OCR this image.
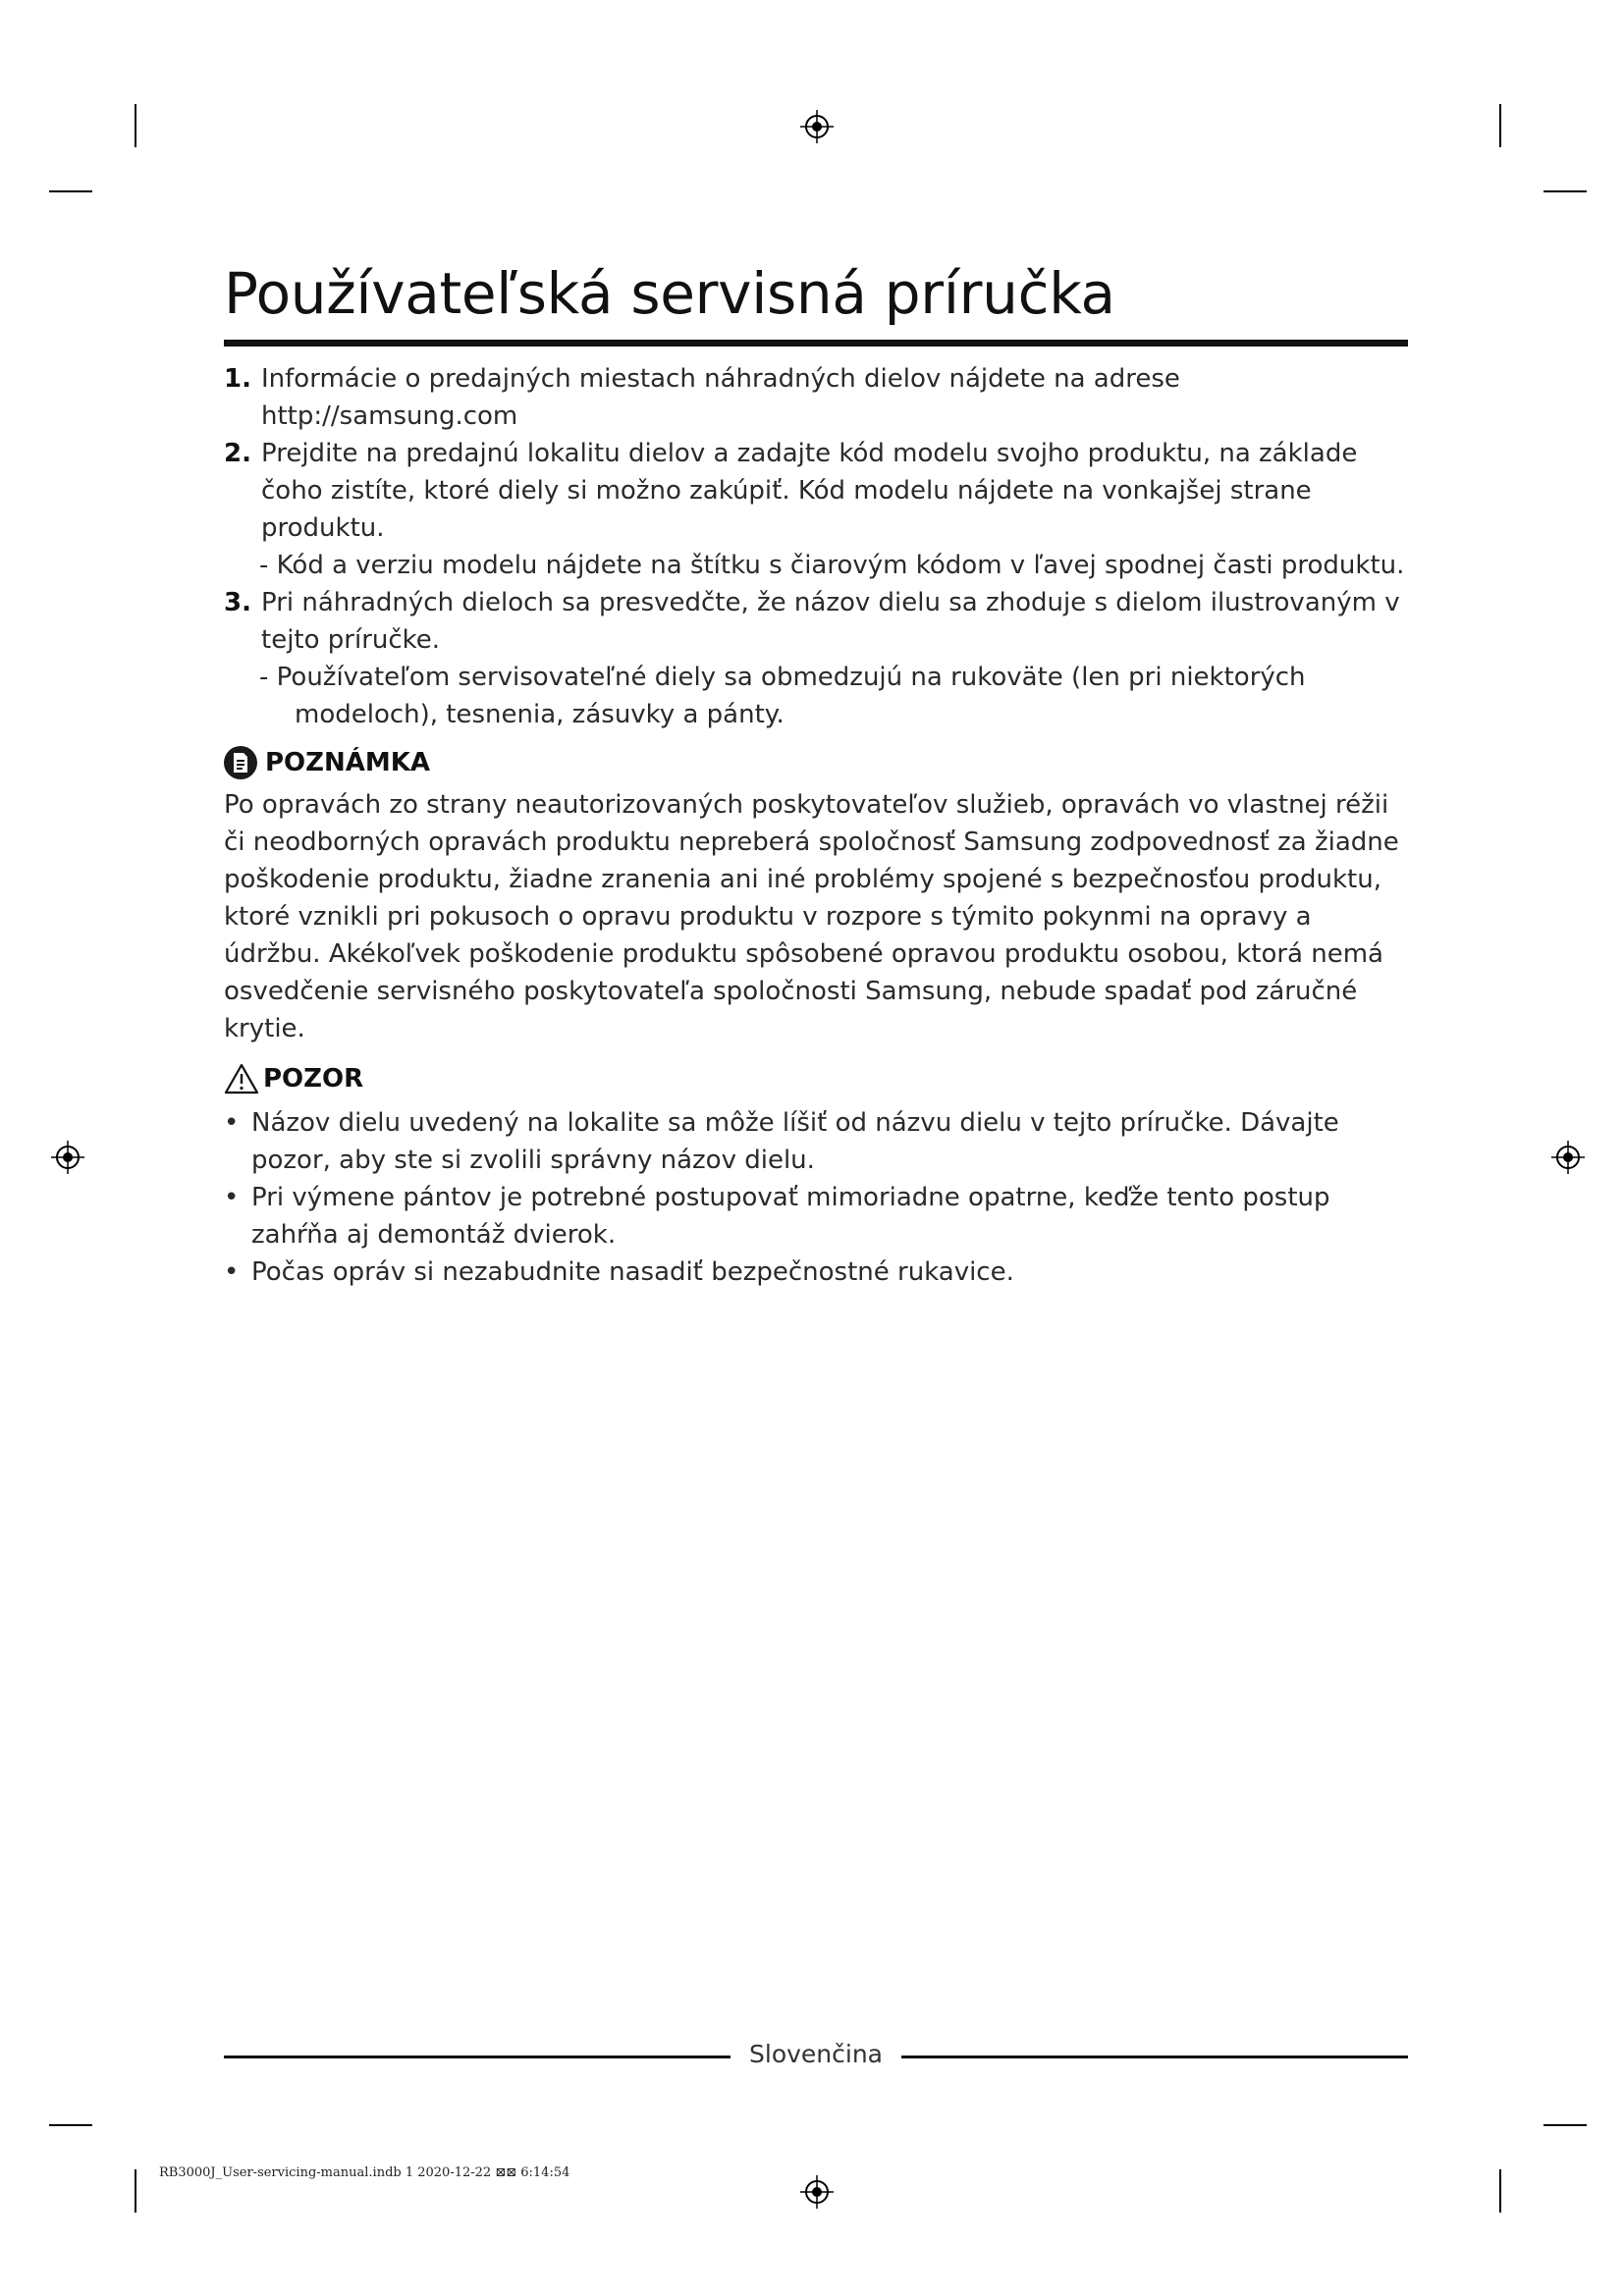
Používateľská servisná príručka
1. Informácie o predajných miestach náhradných dielov nájdete na adrese http://samsung.com
2. Prejdite na predajnú lokalitu dielov a zadajte kód modelu svojho produktu, na základe čoho zistíte, ktoré diely si možno zakúpiť. Kód modelu nájdete na vonkajšej strane produktu.
- Kód a verziu modelu nájdete na štítku s čiarovým kódom v ľavej spodnej časti produktu.
3. Pri náhradných dieloch sa presvedčte, že názov dielu sa zhoduje s dielom ilustrovaným v tejto príručke.
- Používateľom servisovateľné diely sa obmedzujú na rukoväte (len pri niektorých modeloch), tesnenia, zásuvky a pánty.
POZNÁMKA
Po opravách zo strany neautorizovaných poskytovateľov služieb, opravách vo vlastnej réžii či neodborných opravách produktu nepreberá spoločnosť Samsung zodpovednosť za žiadne poškodenie produktu, žiadne zranenia ani iné problémy spojené s bezpečnosťou produktu, ktoré vznikli pri pokusoch o opravu produktu v rozpore s týmito pokynmi na opravy a údržbu. Akékoľvek poškodenie produktu spôsobené opravou produktu osobou, ktorá nemá osvedčenie servisného poskytovateľa spoločnosti Samsung, nebude spadať pod záručné krytie.
POZOR
• Názov dielu uvedený na lokalite sa môže líšiť od názvu dielu v tejto príručke. Dávajte pozor, aby ste si zvolili správny názov dielu.
• Pri výmene pántov je potrebné postupovať mimoriadne opatrne, keďže tento postup zahŕňa aj demontáž dvierok.
• Počas opráv si nezabudnite nasadiť bezpečnostné rukavice.
Slovenčina
RB3000J_User-servicing-manual.indb 1 2020-12-22 ⊠⊠ 6:14:54
